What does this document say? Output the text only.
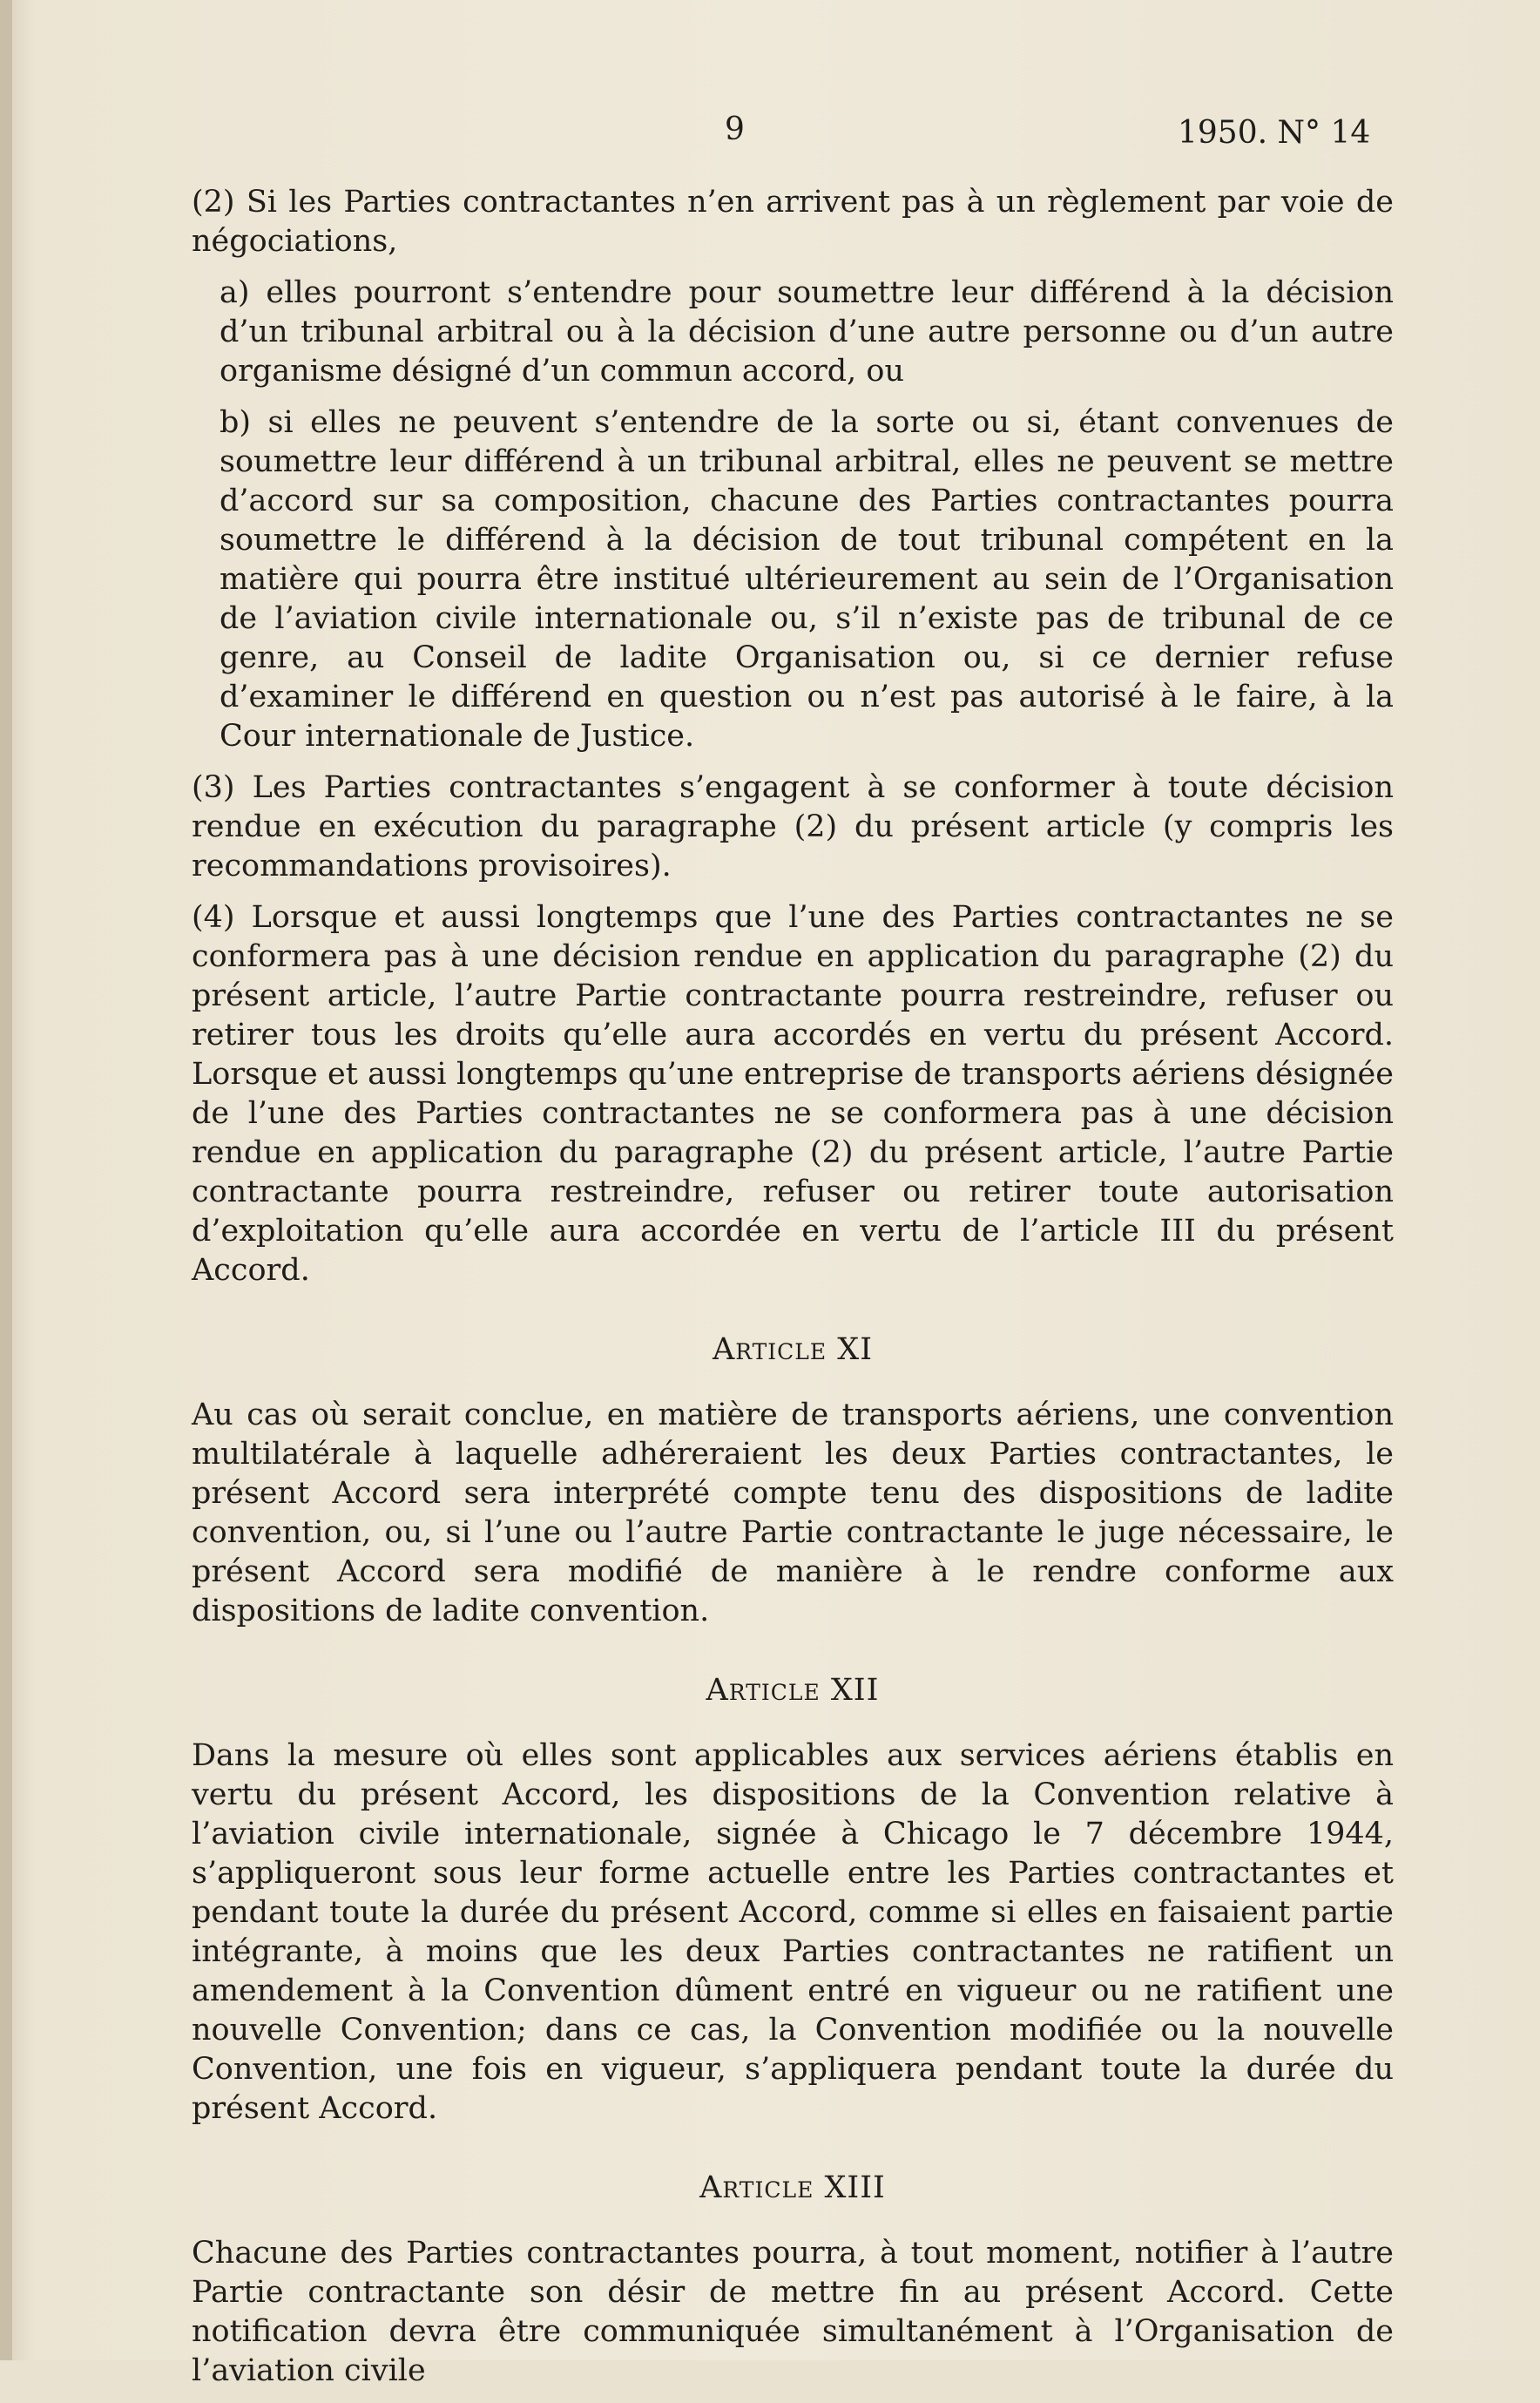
9	1950. N° 14

(2) Si les Parties contractantes n’en arrivent pas à un règlement par voie de négociations,

a) elles pourront s’entendre pour soumettre leur différend à la décision d’un tribunal arbitral ou à la décision d’une autre personne ou d’un autre organisme désigné d’un commun accord, ou

b) si elles ne peuvent s’entendre de la sorte ou si, étant convenues de soumettre leur différend à un tribunal arbitral, elles ne peuvent se mettre d’accord sur sa composition, chacune des Parties contractantes pourra soumettre le différend à la décision de tout tribunal compétent en la matière qui pourra être institué ultérieurement au sein de l’Organisation de l’aviation civile internationale ou, s’il n’existe pas de tribunal de ce genre, au Conseil de ladite Organisation ou, si ce dernier refuse d’examiner le différend en question ou n’est pas autorisé à le faire, à la Cour internationale de Justice.

(3) Les Parties contractantes s’engagent à se conformer à toute décision rendue en exécution du paragraphe (2) du présent article (y compris les recommandations provisoires).

(4) Lorsque et aussi longtemps que l’une des Parties contractantes ne se conformera pas à une décision rendue en application du paragraphe (2) du présent article, l’autre Partie contractante pourra restreindre, refuser ou retirer tous les droits qu’elle aura accordés en vertu du présent Accord. Lorsque et aussi longtemps qu’une entreprise de transports aériens désignée de l’une des Parties contractantes ne se conformera pas à une décision rendue en application du paragraphe (2) du présent article, l’autre Partie contractante pourra restreindre, refuser ou retirer toute autorisation d’exploitation qu’elle aura accordée en vertu de l’article III du présent Accord.

Article XI

Au cas où serait conclue, en matière de transports aériens, une convention multilatérale à laquelle adhéreraient les deux Parties contractantes, le présent Accord sera interprété compte tenu des dispositions de ladite convention, ou, si l’une ou l’autre Partie contractante le juge nécessaire, le présent Accord sera modifié de manière à le rendre conforme aux dispositions de ladite convention.

Article XII

Dans la mesure où elles sont applicables aux services aériens établis en vertu du présent Accord, les dispositions de la Convention relative à l’aviation civile internationale, signée à Chicago le 7 décembre 1944, s’appliqueront sous leur forme actuelle entre les Parties contractantes et pendant toute la durée du présent Accord, comme si elles en faisaient partie intégrante, à moins que les deux Parties contractantes ne ratifient un amendement à la Convention dûment entré en vigueur ou ne ratifient une nouvelle Convention; dans ce cas, la Convention modifiée ou la nouvelle Convention, une fois en vigueur, s’appliquera pendant toute la durée du présent Accord.

Article XIII

Chacune des Parties contractantes pourra, à tout moment, notifier à l’autre Partie contractante son désir de mettre fin au présent Accord. Cette notification devra être communiquée simultanément à l’Organisation de l’aviation civile
